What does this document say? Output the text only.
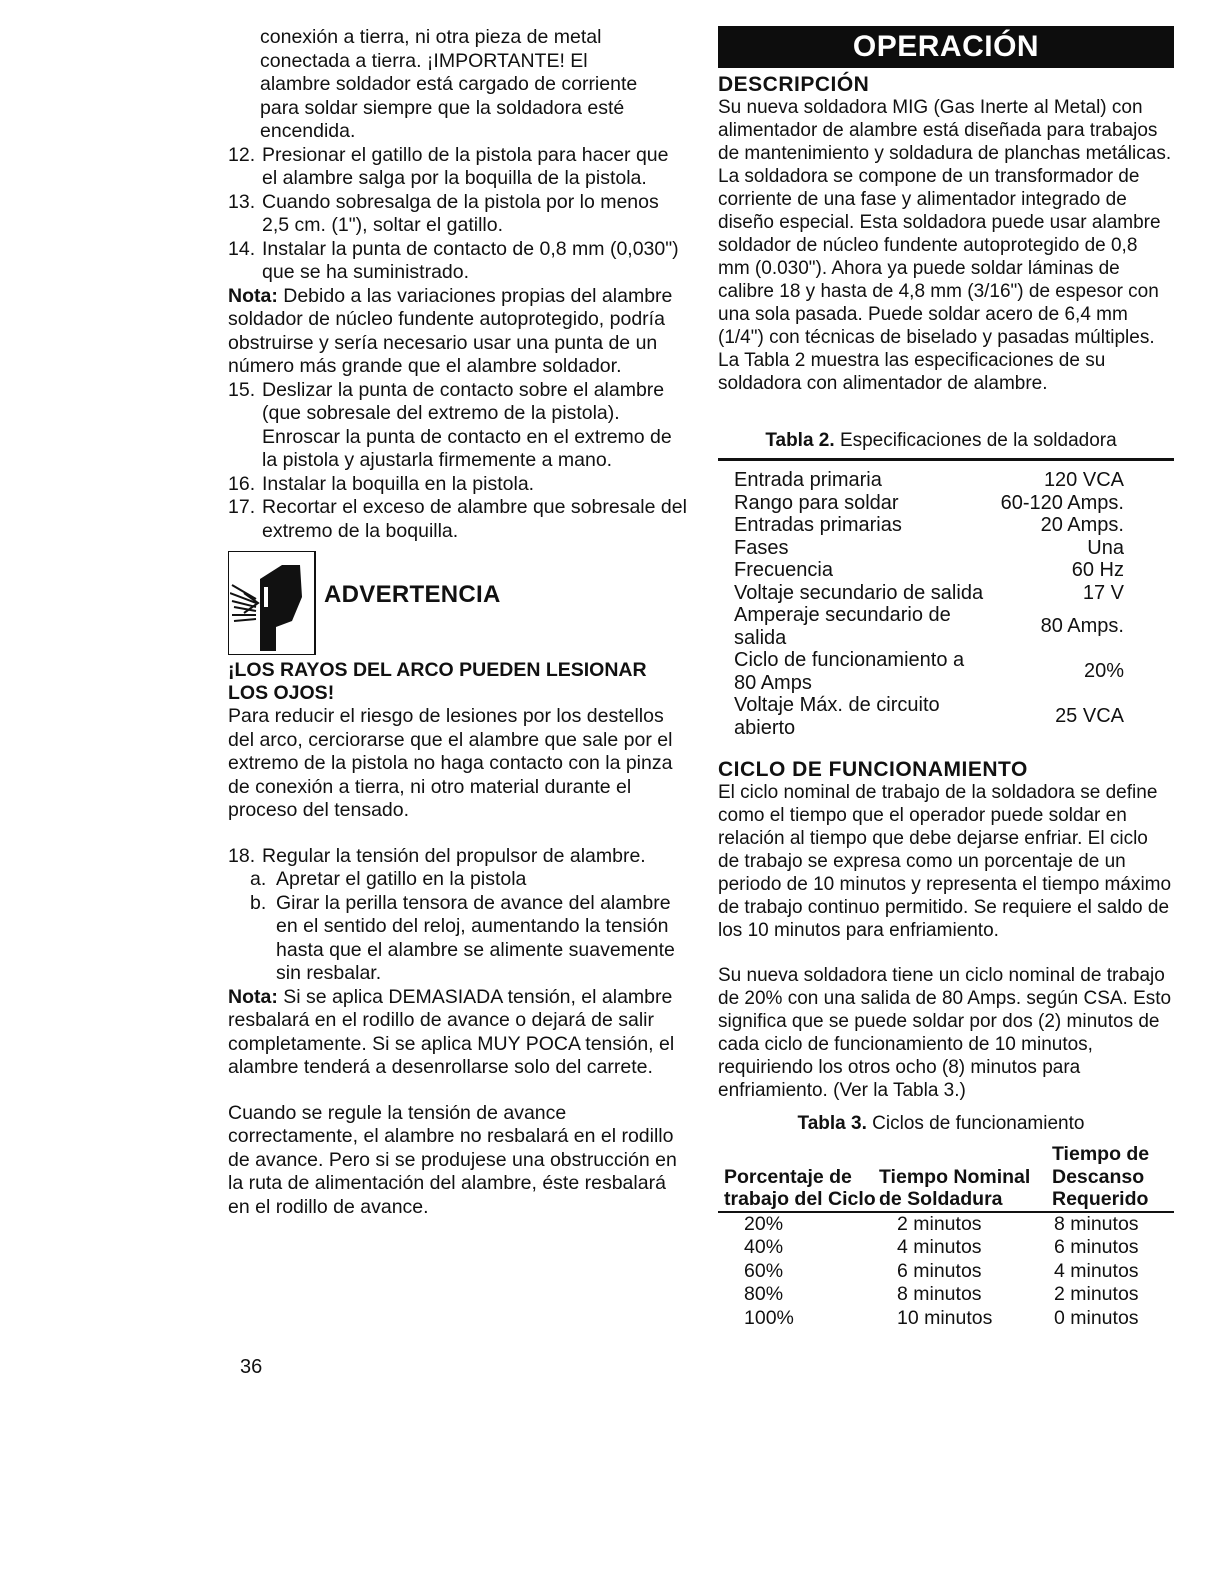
conexión a tierra, ni otra pieza de metal
conectada a tierra. ¡IMPORTANTE! El
alambre soldador está cargado de corriente
para soldar siempre que la soldadora esté
encendida.

12. Presionar el gatillo de la pistola para hacer que el alambre salga por la boquilla de la pistola.
13. Cuando sobresalga de la pistola por lo menos 2,5 cm. (1"), soltar el gatillo.
14. Instalar la punta de contacto de 0,8 mm (0,030") que se ha suministrado.

Nota: Debido a las variaciones propias del alambre soldador de núcleo fundente autoprotegido, podría obstruirse y sería necesario usar una punta de un número más grande que el alambre soldador.

15. Deslizar la punta de contacto sobre el alambre (que sobresale del extremo de la pistola). Enroscar la punta de contacto en el extremo de la pistola y ajustarla firmemente a mano.
16. Instalar la boquilla en la pistola.
17. Recortar el exceso de alambre que sobresale del extremo de la boquilla.
ADVERTENCIA

¡LOS RAYOS DEL ARCO PUEDEN LESIONAR LOS OJOS!

Para reducir el riesgo de lesiones por los destellos del arco, cerciorarse que el alambre que sale por el extremo de la pistola no haga contacto con la pinza de conexión a tierra, ni otro material durante el proceso del tensado.

18. Regular la tensión del propulsor de alambre.
a. Apretar el gatillo en la pistola
b. Girar la perilla tensora de avance del alambre en el sentido del reloj, aumentando la tensión hasta que el alambre se alimente suavemente sin resbalar.

Nota: Si se aplica DEMASIADA tensión, el alambre resbalará en el rodillo de avance o dejará de salir completamente. Si se aplica MUY POCA tensión, el alambre tenderá a desenrollarse solo del carrete.

Cuando se regule la tensión de avance correctamente, el alambre no resbalará en el rodillo de avance. Pero si se produjese una obstrucción en la ruta de alimentación del alambre, éste resbalará en el rodillo de avance.

OPERACIÓN

DESCRIPCIÓN

Su nueva soldadora MIG (Gas Inerte al Metal) con alimentador de alambre está diseñada para trabajos de mantenimiento y soldadura de planchas metálicas. La soldadora se compone de un transformador de corriente de una fase y alimentador integrado de diseño especial. Esta soldadora puede usar alambre soldador de núcleo fundente autoprotegido de 0,8 mm (0.030"). Ahora ya puede soldar láminas de calibre 18 y hasta de 4,8 mm (3/16") de espesor con una sola pasada. Puede soldar acero de 6,4 mm (1/4") con técnicas de biselado y pasadas múltiples. La Tabla 2 muestra las especificaciones de su soldadora con alimentador de alambre.

Tabla 2. Especificaciones de la soldadora

Entrada primaria	120 VCA
Rango para soldar	60-120 Amps.
Entradas primarias	20 Amps.
Fases	Una
Frecuencia	60 Hz
Voltaje secundario de salida	17 V
Amperaje secundario de salida	80 Amps.
Ciclo de funcionamiento a 80 Amps	20%
Voltaje Máx. de circuito abierto	25 VCA

CICLO DE FUNCIONAMIENTO

El ciclo nominal de trabajo de la soldadora se define como el tiempo que el operador puede soldar en relación al tiempo que debe dejarse enfriar. El ciclo de trabajo se expresa como un porcentaje de un periodo de 10 minutos y representa el tiempo máximo de trabajo continuo permitido. Se requiere el saldo de los 10 minutos para enfriamiento.

Su nueva soldadora tiene un ciclo nominal de trabajo de 20% con una salida de 80 Amps. según CSA. Esto significa que se puede soldar por dos (2) minutos de cada ciclo de funcionamiento de 10 minutos, requiriendo los otros ocho (8) minutos para enfriamiento. (Ver la Tabla 3.)

Tabla 3. Ciclos de funcionamiento

Porcentaje de trabajo del Ciclo	Tiempo Nominal de Soldadura	Tiempo de Descanso Requerido
20%	2 minutos	8 minutos
40%	4 minutos	6 minutos
60%	6 minutos	4 minutos
80%	8 minutos	2 minutos
100%	10 minutos	0 minutos
36
